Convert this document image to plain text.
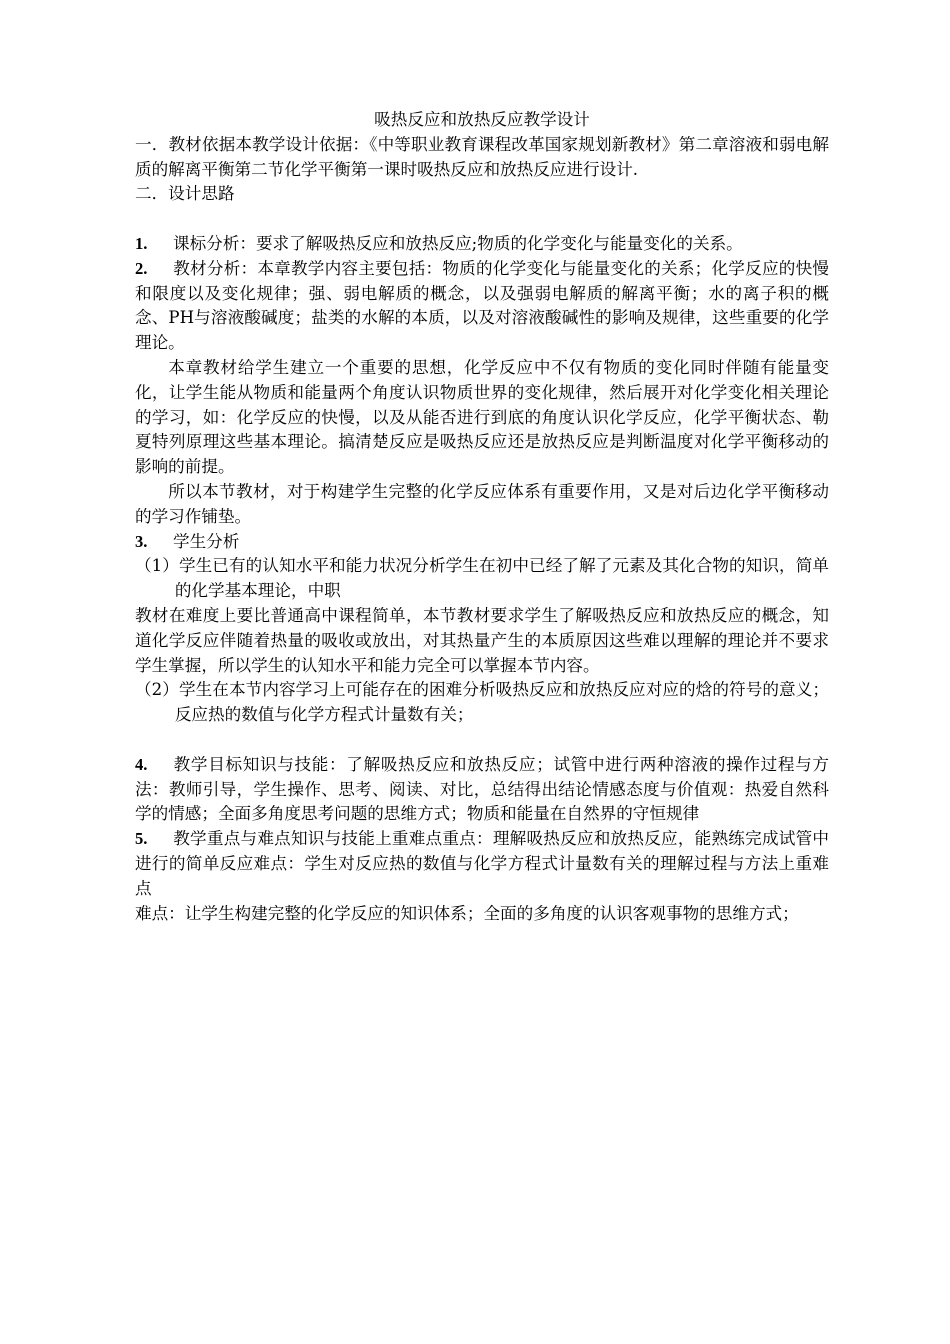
吸热反应和放热反应教学设计

一．教材依据本教学设计依据：《中等职业教育课程改革国家规划新教材》第二章溶液和弱电解质的解离平衡第二节化学平衡第一课时吸热反应和放热反应进行设计.

二．设计思路

1. 课标分析：要求了解吸热反应和放热反应;物质的化学变化与能量变化的关系。

2. 教材分析：本章教学内容主要包括：物质的化学变化与能量变化的关系；化学反应的快慢和限度以及变化规律；强、弱电解质的概念，以及强弱电解质的解离平衡；水的离子积的概念、PH与溶液酸碱度；盐类的水解的本质，以及对溶液酸碱性的影响及规律，这些重要的化学理论。

本章教材给学生建立一个重要的思想，化学反应中不仅有物质的变化同时伴随有能量变化，让学生能从物质和能量两个角度认识物质世界的变化规律，然后展开对化学变化相关理论的学习，如：化学反应的快慢，以及从能否进行到底的角度认识化学反应，化学平衡状态、勒夏特列原理这些基本理论。搞清楚反应是吸热反应还是放热反应是判断温度对化学平衡移动的影响的前提。

所以本节教材，对于构建学生完整的化学反应体系有重要作用，又是对后边化学平衡移动的学习作铺垫。

3. 学生分析

（1）学生已有的认知水平和能力状况分析学生在初中已经了解了元素及其化合物的知识，简单的化学基本理论，中职

教材在难度上要比普通高中课程简单，本节教材要求学生了解吸热反应和放热反应的概念，知道化学反应伴随着热量的吸收或放出，对其热量产生的本质原因这些难以理解的理论并不要求学生掌握，所以学生的认知水平和能力完全可以掌握本节内容。

（2）学生在本节内容学习上可能存在的困难分析吸热反应和放热反应对应的焓的符号的意义；反应热的数值与化学方程式计量数有关；

4. 教学目标知识与技能：了解吸热反应和放热反应；试管中进行两种溶液的操作过程与方法：教师引导，学生操作、思考、阅读、对比，总结得出结论情感态度与价值观：热爱自然科学的情感；全面多角度思考问题的思维方式；物质和能量在自然界的守恒规律

5. 教学重点与难点知识与技能上重难点重点：理解吸热反应和放热反应，能熟练完成试管中进行的简单反应难点：学生对反应热的数值与化学方程式计量数有关的理解过程与方法上重难点

难点：让学生构建完整的化学反应的知识体系；全面的多角度的认识客观事物的思维方式；
